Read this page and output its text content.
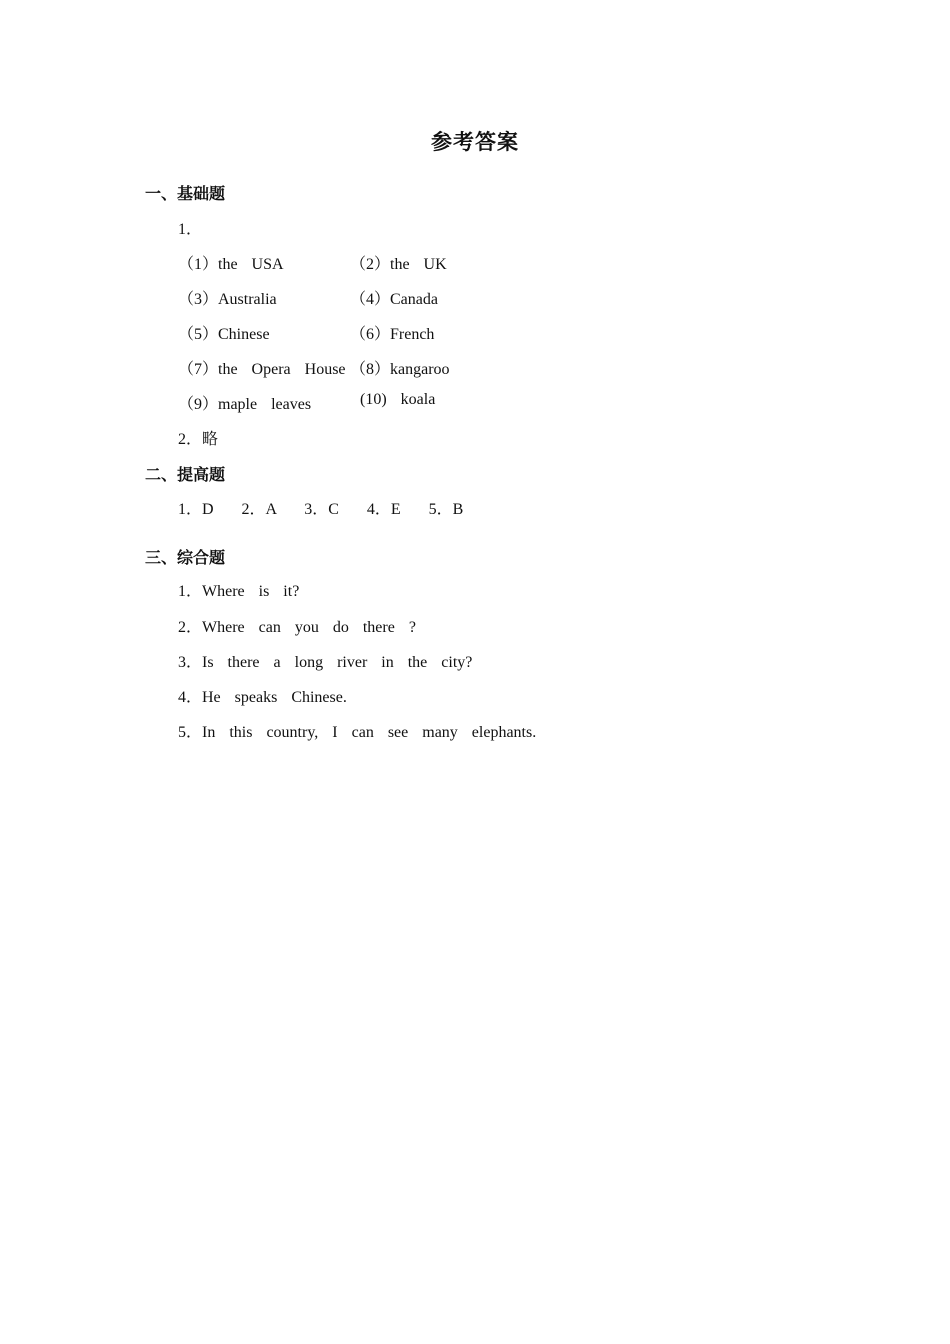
参考答案
一、基础题
1．
（1）the  USA	（2）the  UK
（3）Australia	（4）Canada
（5）Chinese	（6）French
（7）the  Opera  House （8）kangaroo
（9）maple  leaves	(10)  koala
2．略
二、提高题
1．D    2．A    3．C    4．E    5．B
三、综合题
1．Where  is  it?
2．Where  can  you  do  there  ?
3．Is  there  a  long  river  in  the  city?
4．He  speaks  Chinese.
5．In  this  country,  I  can  see  many  elephants.
